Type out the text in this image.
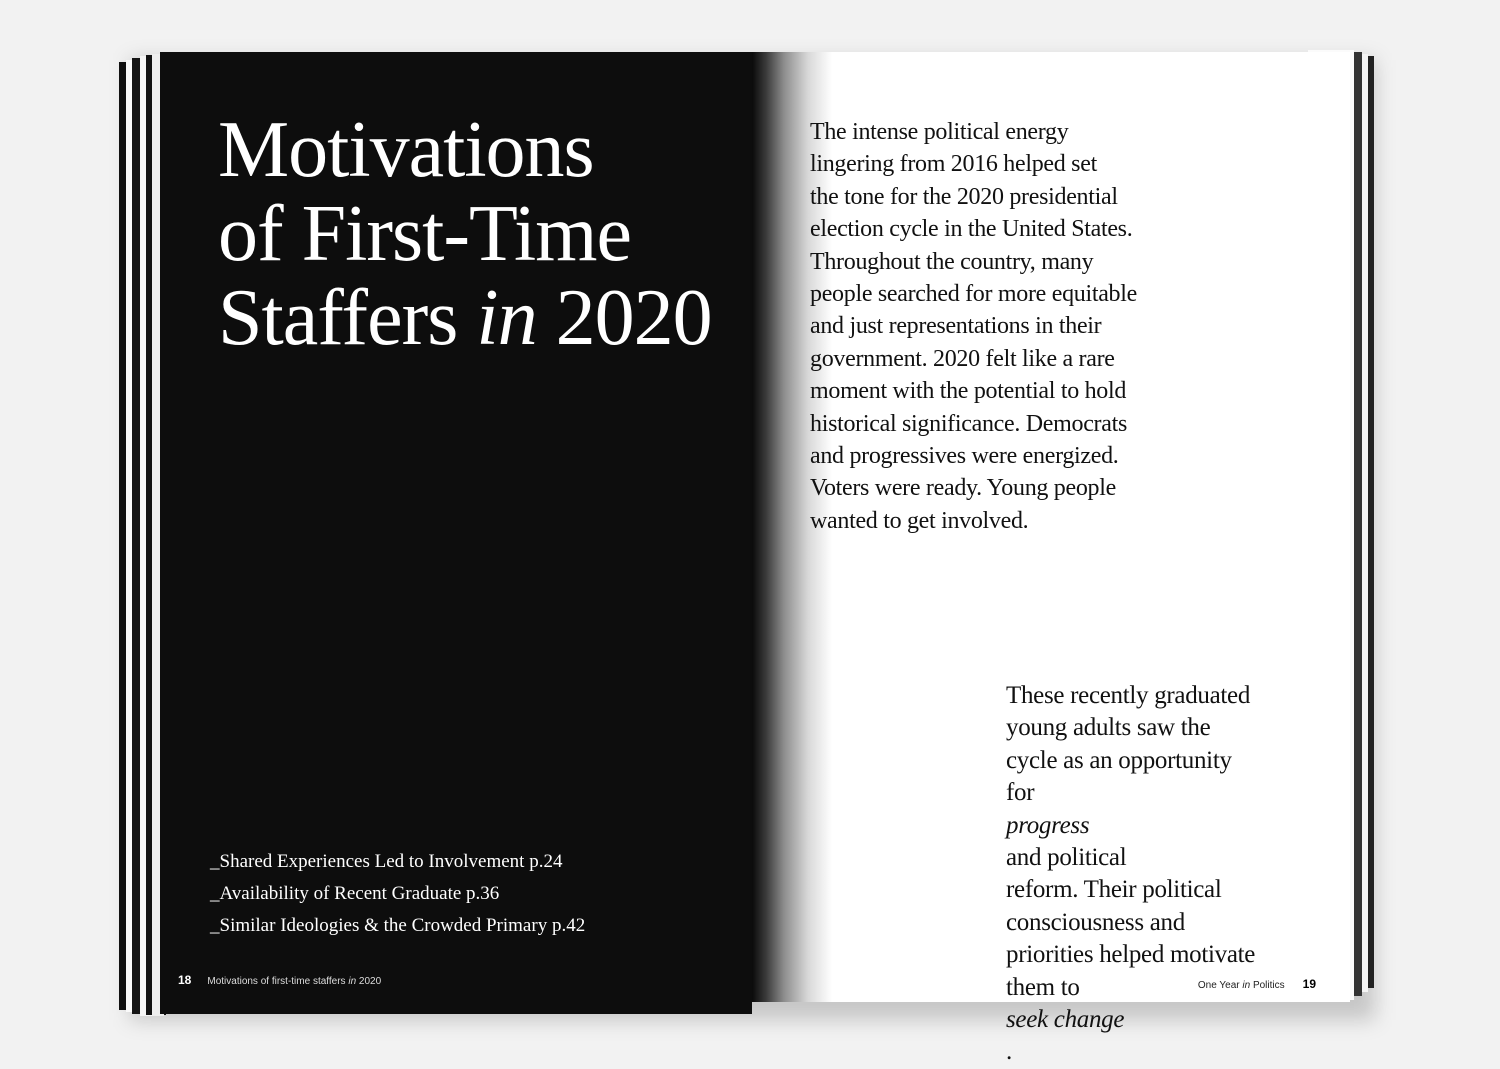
Motivations
of First-Time
Staffers in 2020
_Shared Experiences Led to Involvement p.24
_Availability of Recent Graduate p.36
_Similar Ideologies & the Crowded Primary p.42
18 Motivations of first-time staffers in 2020

The intense political energy
lingering from 2016 helped set
the tone for the 2020 presidential
election cycle in the United States.
Throughout the country, many
people searched for more equitable
and just representations in their
government. 2020 felt like a rare
moment with the potential to hold
historical significance. Democrats
and progressives were energized.
Voters were ready. Young people
wanted to get involved.

These recently graduated
young adults saw the
cycle as an opportunity
for
progress
and political
reform. Their political
consciousness and
priorities helped motivate
them to
seek change
.

One Year in Politics 19
